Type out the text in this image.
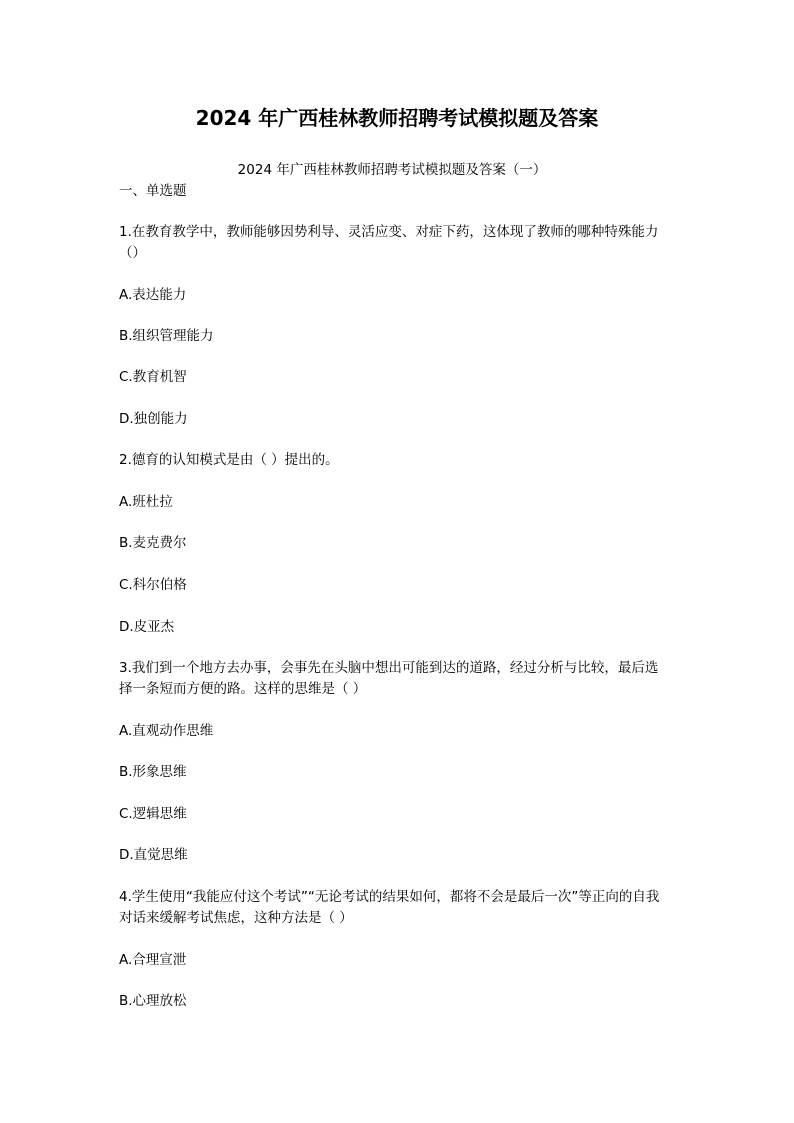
2024 年广西桂林教师招聘考试模拟题及答案

2024 年广西桂林教师招聘考试模拟题及答案（一）

一、单选题

1.在教育教学中，教师能够因势利导、灵活应变、对症下药，这体现了教师的哪种特殊能力（）

A.表达能力

B.组织管理能力

C.教育机智

D.独创能力

2.德育的认知模式是由（ ）提出的。

A.班杜拉

B.麦克费尔

C.科尔伯格

D.皮亚杰

3.我们到一个地方去办事，会事先在头脑中想出可能到达的道路，经过分析与比较，最后选择一条短而方便的路。这样的思维是（ ）

A.直观动作思维

B.形象思维

C.逻辑思维

D.直觉思维

4.学生使用“我能应付这个考试”“无论考试的结果如何，都将不会是最后一次”等正向的自我对话来缓解考试焦虑，这种方法是（ ）

A.合理宣泄

B.心理放松
